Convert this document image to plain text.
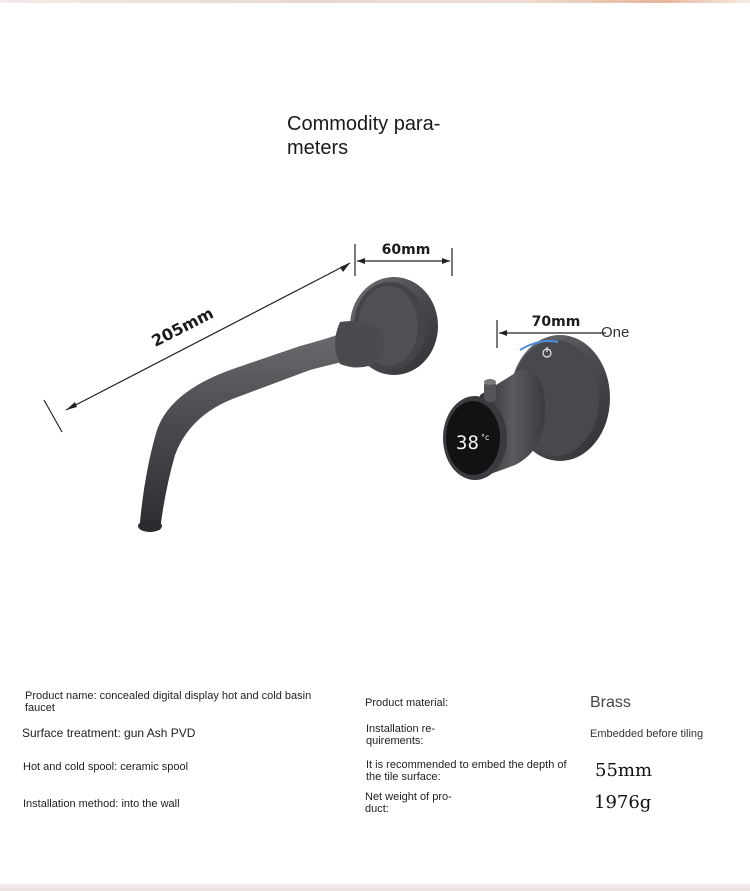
Commodity para-
meters
205mm
60mm
70mm
38 °c
One
Product name: concealed digital display hot and cold basin faucet
Surface treatment: gun Ash PVD
Hot and cold spool: ceramic spool
Installation method: into the wall
Product material:
Installation re-
quirements:
It is recommended to embed the depth of
the tile surface:
Net weight of pro-
duct:
Brass
Embedded before tiling
55mm
1976g
